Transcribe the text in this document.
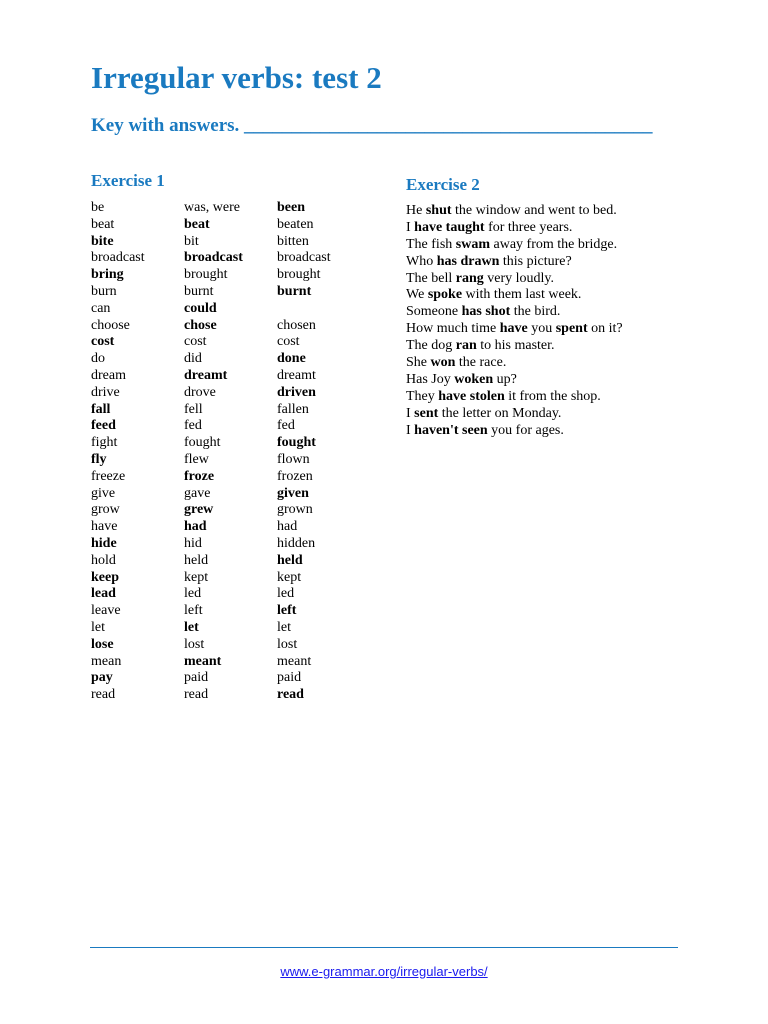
Irregular verbs: test 2
Key with answers. ___________________________________________
Exercise 1
be	was, were	been
beat	beat	beaten
bite	bit	bitten
broadcast	broadcast	broadcast
bring	brought	brought
burn	burnt	burnt
can	could
choose	chose	chosen
cost	cost	cost
do	did	done
dream	dreamt	dreamt
drive	drove	driven
fall	fell	fallen
feed	fed	fed
fight	fought	fought
fly	flew	flown
freeze	froze	frozen
give	gave	given
grow	grew	grown
have	had	had
hide	hid	hidden
hold	held	held
keep	kept	kept
lead	led	led
leave	left	left
let	let	let
lose	lost	lost
mean	meant	meant
pay	paid	paid
read	read	read
Exercise 2
He shut the window and went to bed.
I have taught for three years.
The fish swam away from the bridge.
Who has drawn this picture?
The bell rang very loudly.
We spoke with them last week.
Someone has shot the bird.
How much time have you spent on it?
The dog ran to his master.
She won the race.
Has Joy woken up?
They have stolen it from the shop.
I sent the letter on Monday.
I haven't seen you for ages.
www.e-grammar.org/irregular-verbs/
